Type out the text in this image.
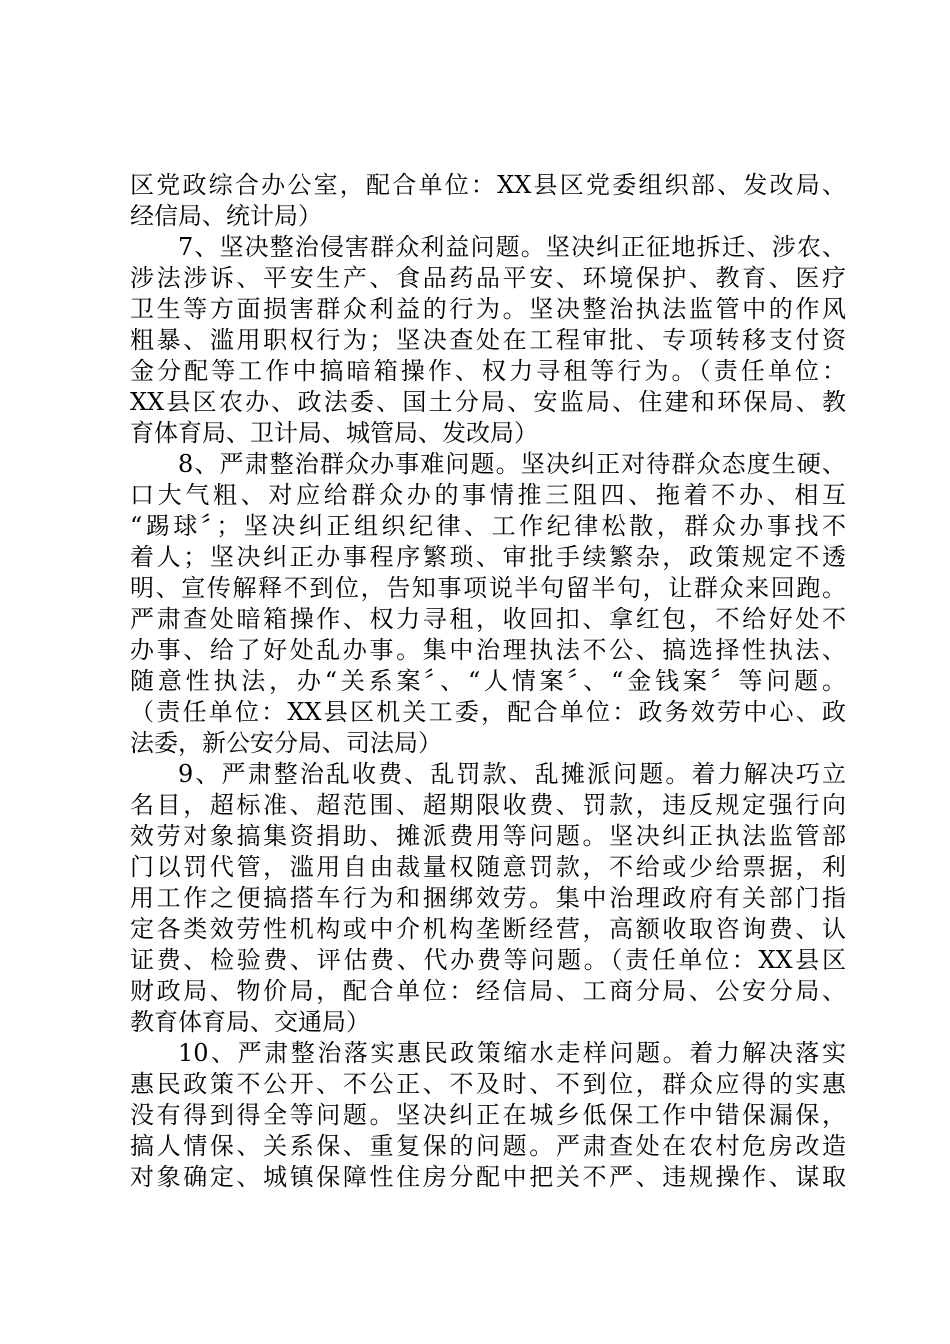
区党政综合办公室，配合单位：XX县区党委组织部、发改局、
经信局、统计局）
7、坚决整治侵害群众利益问题。坚决纠正征地拆迁、涉农、
涉法涉诉、平安生产、食品药品平安、环境保护、教育、医疗
卫生等方面损害群众利益的行为。坚决整治执法监管中的作风
粗暴、滥用职权行为；坚决查处在工程审批、专项转移支付资
金分配等工作中搞暗箱操作、权力寻租等行为。（责任单位：
XX县区农办、政法委、国土分局、安监局、住建和环保局、教
育体育局、卫计局、城管局、发改局）
8、严肃整治群众办事难问题。坚决纠正对待群众态度生硬、
口大气粗、对应给群众办的事情推三阻四、拖着不办、相互
“踢球〞；坚决纠正组织纪律、工作纪律松散，群众办事找不
着人；坚决纠正办事程序繁琐、审批手续繁杂，政策规定不透
明、宣传解释不到位，告知事项说半句留半句，让群众来回跑。
严肃查处暗箱操作、权力寻租，收回扣、拿红包，不给好处不
办事、给了好处乱办事。集中治理执法不公、搞选择性执法、
随意性执法，办“关系案〞、“人情案〞、“金钱案〞等问题。
（责任单位：XX县区机关工委，配合单位：政务效劳中心、政
法委，新公安分局、司法局）
9、严肃整治乱收费、乱罚款、乱摊派问题。着力解决巧立
名目，超标准、超范围、超期限收费、罚款，违反规定强行向
效劳对象搞集资捐助、摊派费用等问题。坚决纠正执法监管部
门以罚代管，滥用自由裁量权随意罚款，不给或少给票据，利
用工作之便搞搭车行为和捆绑效劳。集中治理政府有关部门指
定各类效劳性机构或中介机构垄断经营，高额收取咨询费、认
证费、检验费、评估费、代办费等问题。（责任单位：XX县区
财政局、物价局，配合单位：经信局、工商分局、公安分局、
教育体育局、交通局）
10、严肃整治落实惠民政策缩水走样问题。着力解决落实
惠民政策不公开、不公正、不及时、不到位，群众应得的实惠
没有得到得全等问题。坚决纠正在城乡低保工作中错保漏保，
搞人情保、关系保、重复保的问题。严肃查处在农村危房改造
对象确定、城镇保障性住房分配中把关不严、违规操作、谋取
